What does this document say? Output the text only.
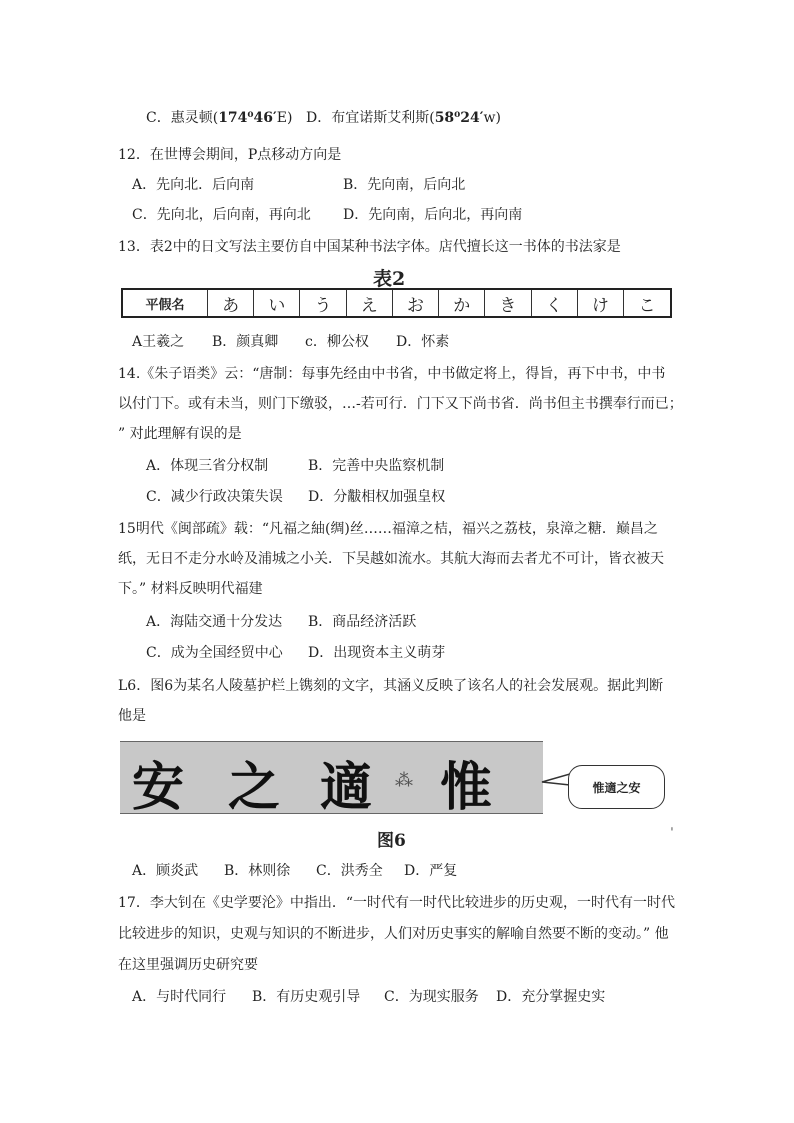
C．惠灵顿(174⁰46′E) D．布宜诺斯艾利斯(58⁰24′w)
12．在世博会期间，P点移动方向是
A．先向北．后向南	B．先向南，后向北
C．先向北，后向南，再向北 D．先向南，后向北，再向南
13．表2中的日文写法主要仿自中国某种书法字体。店代擅长这一书体的书法家是
表2
平假名	あ	い	う	え	お	か	き	く	け	こ
A王羲之 B．颜真卿 c．柳公权 D．怀素
14.《朱子语类》云：“唐制：每事先经由中书省，中书做定将上，得旨，再下中书，中书
以付门下。或有未当，则门下缴驳，…-若可行．门下又下尚书省．尚书但主书撰奉行而已；
” 对此理解有误的是
A．体现三省分权制	B．完善中央监察机制
C．减少行政决策失误 D．分黻相权加强皇权
15明代《闽部疏》载：“凡福之紬(绸)丝……福漳之桔，福兴之荔枝，泉漳之糖．巅昌之
纸，无日不走分水岭及浦城之小关．下吴越如流水。其航大海而去者尤不可计，皆衣被天
下。” 材料反映明代福建
A．海陆交通十分发达 B．商品经济活跃
C．成为全国经贸中心 D．出现资本主义萌芽
L6．图6为某名人陵墓护栏上镌刻的文字，其涵义反映了该名人的社会发展观。据此判断
他是
安 之 適 ⁂ 惟	惟適之安
图6	ˈ
A．顾炎武 B．林则徐 C．洪秀全 D．严复
17．李大钊在《史学要沦》中指出．“一时代有一时代比较进步的历史观，一时代有一时代
比较进步的知识，史观与知识的不断进步，人们对历史事实的解喻自然要不断的变动。” 他
在这里强调历史研究要
A．与时代同行 B．有历史观引导 C．为现实服务 D．充分掌握史实
